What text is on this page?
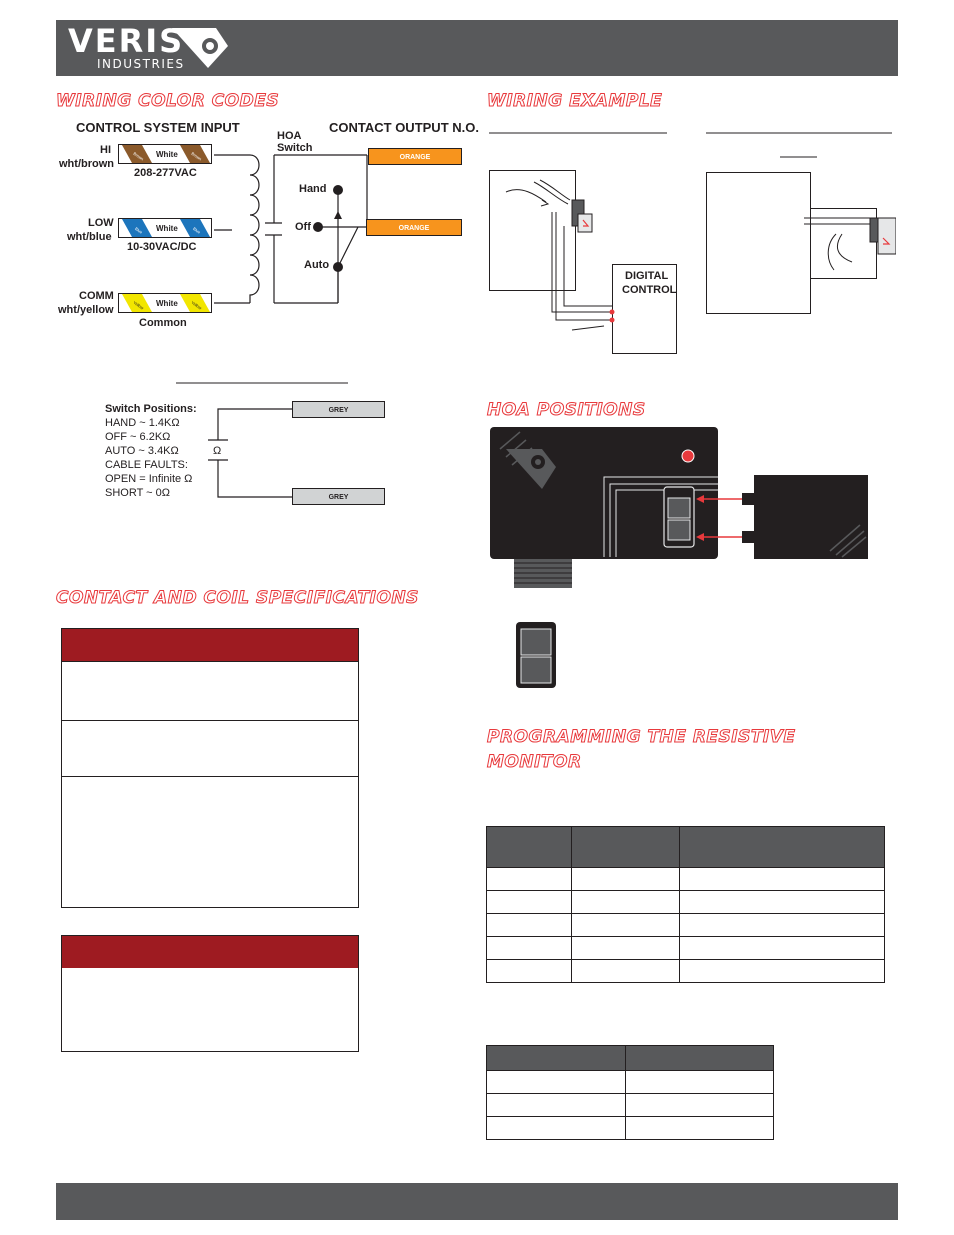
VERIS
INDUSTRIES
WIRING COLOR CODES	WIRING EXAMPLE
HOA POSITIONS
CONTACT AND COIL SPECIFICATIONS
PROGRAMMING THE RESISTIVE
MONITOR
CONTROL SYSTEM INPUT	CONTACT OUTPUT N.O.
HOA
Switch
HI
wht/brown
208-277VAC
LOW
wht/blue
10-30VAC/DC
COMM
wht/yellow
Common
Brown	Brown
White
Blue	Blue
White
Yellow	Yellow
White
Hand
Off
Auto
ORANGE
ORANGE
Ω
GREY
GREY
Switch Positions:
HAND ~ 1.4KΩ
OFF ~ 6.2KΩ
AUTO ~ 3.4KΩ
CABLE FAULTS:
OPEN = Infinite Ω
SHORT ~ 0Ω
DIGITAL
CONTROL
